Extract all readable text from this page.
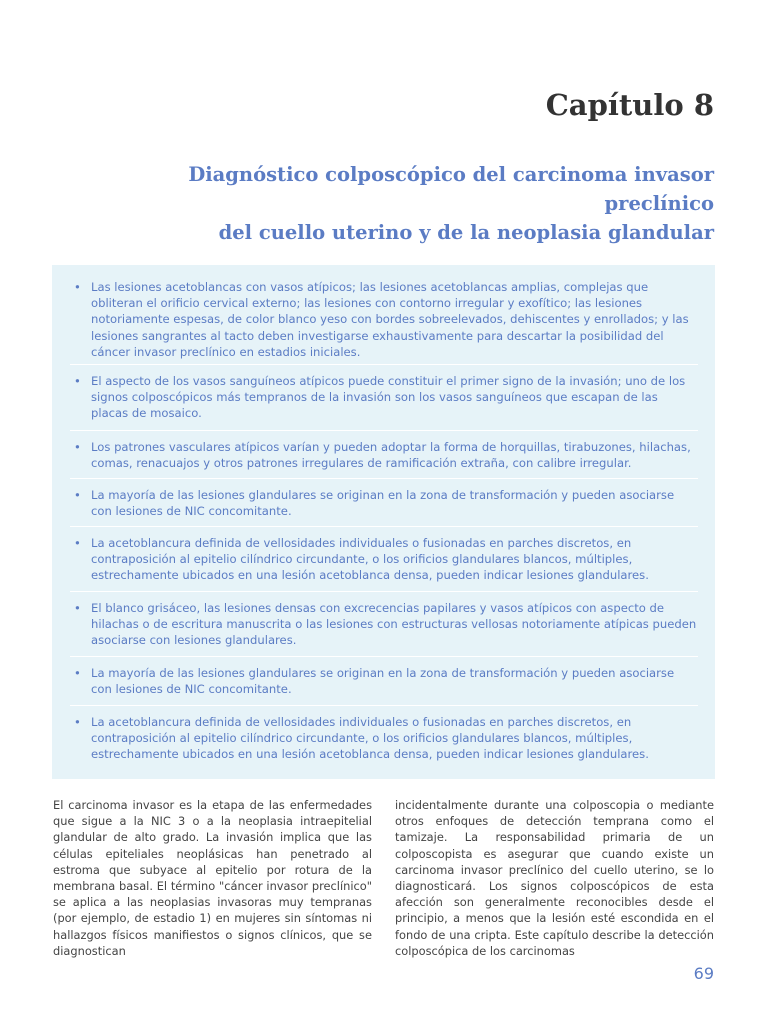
Capítulo 8
Diagnóstico colposcópico del carcinoma invasor preclínico
del cuello uterino y de la neoplasia glandular
• Las lesiones acetoblancas con vasos atípicos; las lesiones acetoblancas amplias, complejas que obliteran el orificio cervical externo; las lesiones con contorno irregular y exofítico; las lesiones notoriamente espesas, de color blanco yeso con bordes sobreelevados, dehiscentes y enrollados; y las lesiones sangrantes al tacto deben investigarse exhaustivamente para descartar la posibilidad del cáncer invasor preclínico en estadios iniciales.
• El aspecto de los vasos sanguíneos atípicos puede constituir el primer signo de la invasión; uno de los signos colposcópicos más tempranos de la invasión son los vasos sanguíneos que escapan de las placas de mosaico.
• Los patrones vasculares atípicos varían y pueden adoptar la forma de horquillas, tirabuzones, hilachas, comas, renacuajos y otros patrones irregulares de ramificación extraña, con calibre irregular.
• La mayoría de las lesiones glandulares se originan en la zona de transformación y pueden asociarse con lesiones de NIC concomitante.
• La acetoblancura definida de vellosidades individuales o fusionadas en parches discretos, en contraposición al epitelio cilíndrico circundante, o los orificios glandulares blancos, múltiples, estrechamente ubicados en una lesión acetoblanca densa, pueden indicar lesiones glandulares.
• El blanco grisáceo, las lesiones densas con excrecencias papilares y vasos atípicos con aspecto de hilachas o de escritura manuscrita o las lesiones con estructuras vellosas notoriamente atípicas pueden asociarse con lesiones glandulares.
• La mayoría de las lesiones glandulares se originan en la zona de transformación y pueden asociarse con lesiones de NIC concomitante.
• La acetoblancura definida de vellosidades individuales o fusionadas en parches discretos, en contraposición al epitelio cilíndrico circundante, o los orificios glandulares blancos, múltiples, estrechamente ubicados en una lesión acetoblanca densa, pueden indicar lesiones glandulares.

El carcinoma invasor es la etapa de las enfermedades que sigue a la NIC 3 o a la neoplasia intraepitelial glandular de alto grado. La invasión implica que las células epiteliales neoplásicas han penetrado al estroma que subyace al epitelio por rotura de la membrana basal. El término "cáncer invasor preclínico" se aplica a las neoplasias invasoras muy tempranas (por ejemplo, de estadio 1) en mujeres sin síntomas ni hallazgos físicos manifiestos o signos clínicos, que se diagnostican

incidentalmente durante una colposcopia o mediante otros enfoques de detección temprana como el tamizaje. La responsabilidad primaria de un colposcopista es asegurar que cuando existe un carcinoma invasor preclínico del cuello uterino, se lo diagnosticará. Los signos colposcópicos de esta afección son generalmente reconocibles desde el principio, a menos que la lesión esté escondida en el fondo de una cripta. Este capítulo describe la detección colposcópica de los carcinomas

69
